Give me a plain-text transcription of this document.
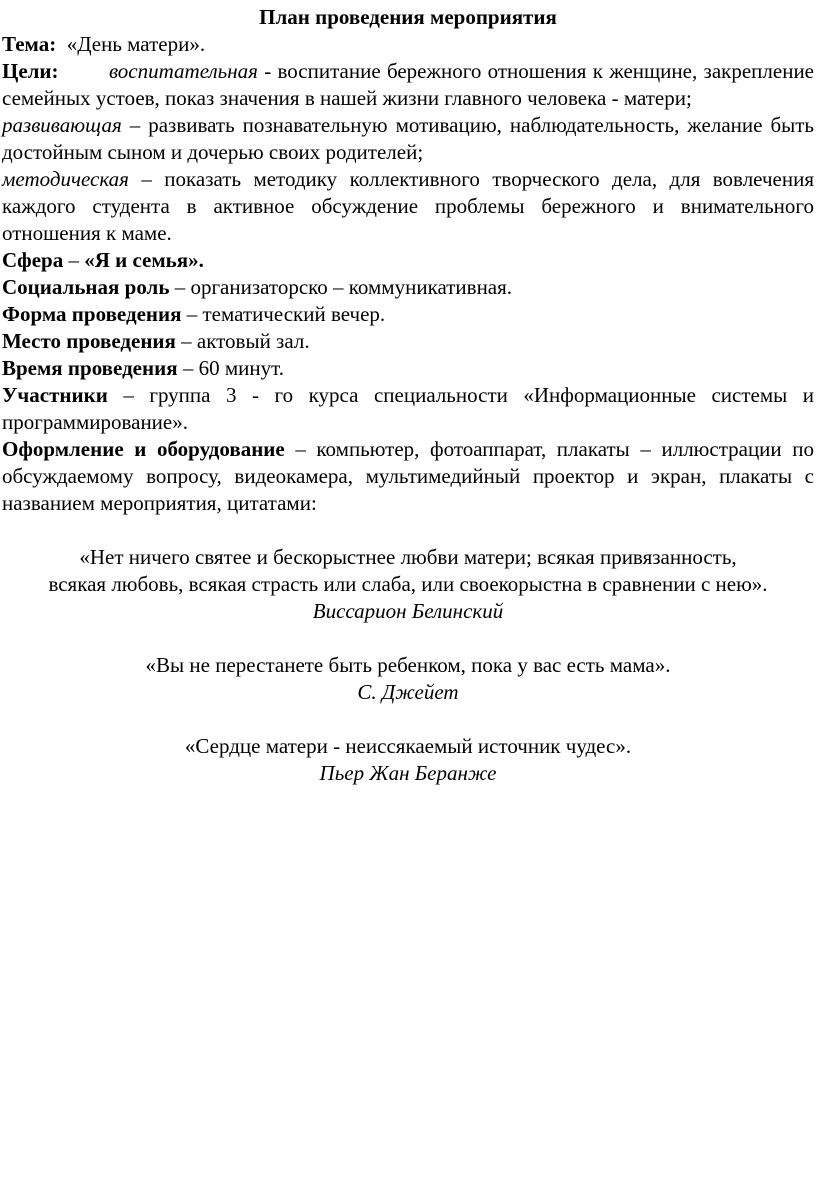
План проведения мероприятия

Тема: «День матери».

Цели: воспитательная - воспитание бережного отношения к женщине, закрепление семейных устоев, показ значения в нашей жизни главного человека - матери;

развивающая – развивать познавательную мотивацию, наблюдательность, желание быть достойным сыном и дочерью своих родителей;

методическая – показать методику коллективного творческого дела, для вовлечения каждого студента в активное обсуждение проблемы бережного и внимательного отношения к маме.

Сфера – «Я и семья».

Социальная роль – организаторско – коммуникативная.

Форма проведения – тематический вечер.

Место проведения – актовый зал.

Время проведения – 60 минут.

Участники – группа 3 - го курса специальности «Информационные системы и программирование».

Оформление и оборудование – компьютер, фотоаппарат, плакаты – иллюстрации по обсуждаемому вопросу, видеокамера, мультимедийный проектор и экран, плакаты с названием мероприятия, цитатами:

«Нет ничего святее и бескорыстнее любви матери; всякая привязанность,

всякая любовь, всякая страсть или слаба, или своекорыстна в сравнении с нею».

Виссарион Белинский

«Вы не перестанете быть ребенком, пока у вас есть мама».

С. Джейет

«Сердце матери - неиссякаемый источник чудес».

Пьер Жан Беранже
